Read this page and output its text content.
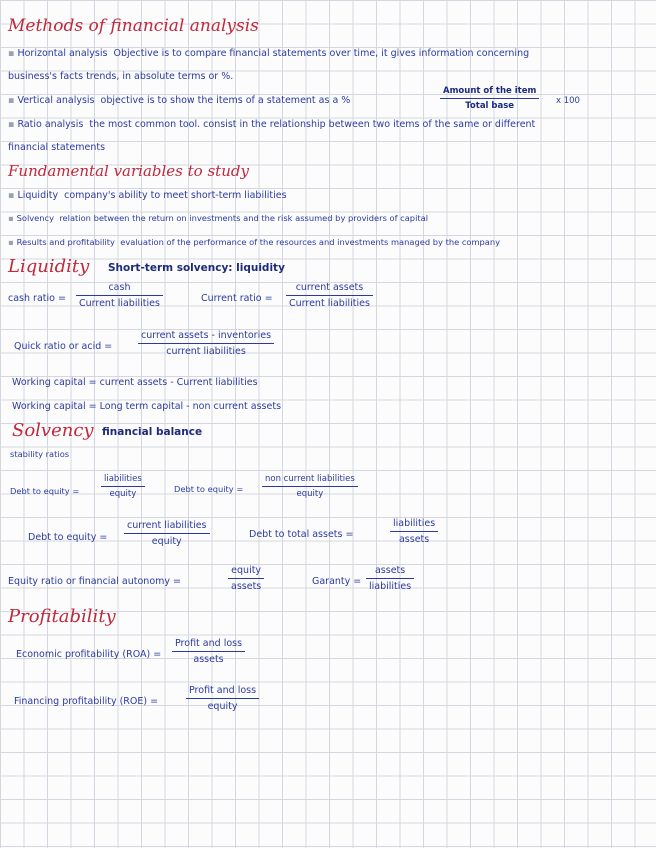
Methods of financial analysis
▪ Horizontal analysis Objective is to compare financial statements over time, it gives information concerning
business's facts trends, in absolute terms or %.
▪ Vertical analysis objective is to show the items of a statement as a %
Amount of the item
Total base	x 100
▪ Ratio analysis the most common tool. consist in the relationship between two items of the same or different
financial statements
Fundamental variables to study
▪ Liquidity company's ability to meet short-term liabilities
▪ Solvency relation between the return on investments and the risk assumed by providers of capital
▪ Results and profitability evaluation of the performance of the resources and investments managed by the company
Liquidity Short-term solvency: liquidity
cash ratio =
cash
Current liabilities	Current ratio =
current assets
Current liabilities
Quick ratio or acid =
current assets - inventories
current liabilities
Working capital = current assets - Current liabilities
Working capital = Long term capital - non current assets
Solvency financial balance
stability ratios
Debt to equity =
liabilities
equity	Debt to equity =
non current liabilities
equity
Debt to equity =
current liabilities
equity
Debt to total assets =
liabilities
assets
Equity ratio or financial autonomy =
equity
assets	Garanty =
assets
liabilities
Profitability
Economic profitability (ROA) =
Profit and loss
assets
Financing profitability (ROE) =
Profit and loss
equity
